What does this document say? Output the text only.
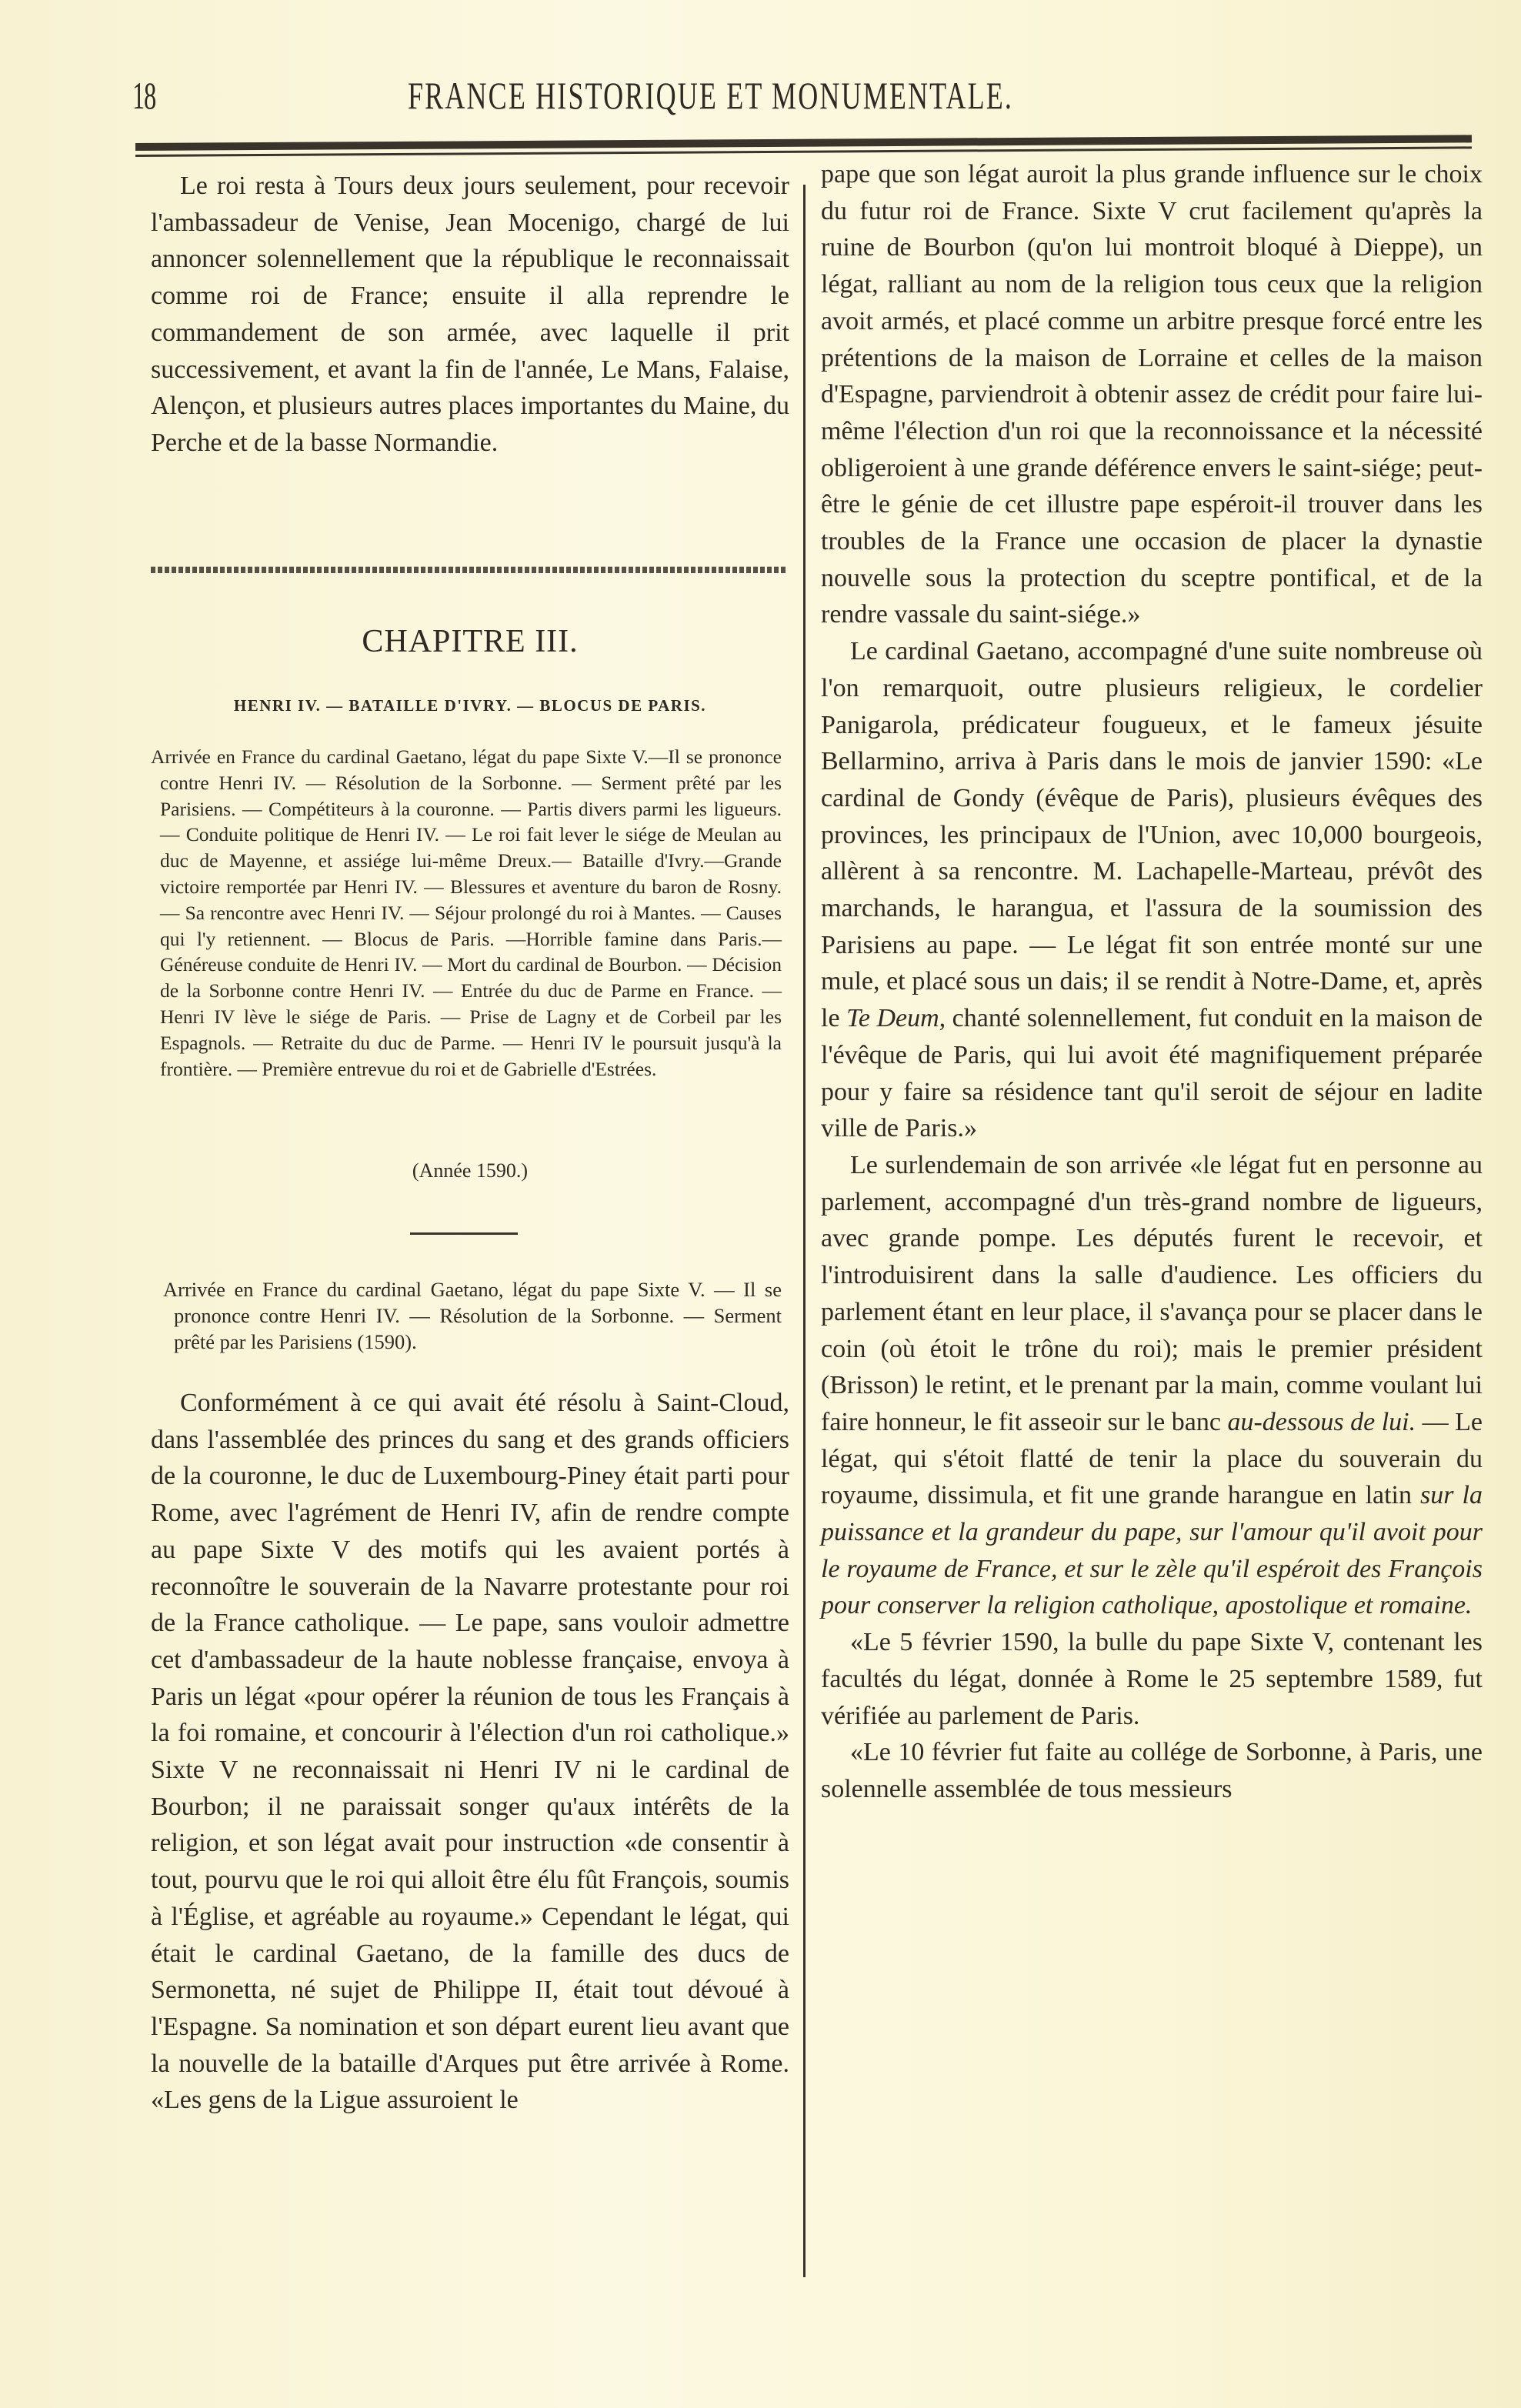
18	FRANCE HISTORIQUE ET MONUMENTALE.

Le roi resta à Tours deux jours seulement, pour recevoir l'ambassadeur de Venise, Jean Mocenigo, chargé de lui annoncer solennellement que la république le reconnaissait comme roi de France; ensuite il alla reprendre le commandement de son armée, avec laquelle il prit successivement, et avant la fin de l'année, Le Mans, Falaise, Alençon, et plusieurs autres places importantes du Maine, du Perche et de la basse Normandie.

CHAPITRE III.
HENRI IV. — BATAILLE D'IVRY. — BLOCUS DE PARIS.

Arrivée en France du cardinal Gaetano, légat du pape Sixte V.—Il se prononce contre Henri IV. — Résolution de la Sorbonne. — Serment prêté par les Parisiens. — Compétiteurs à la couronne. — Partis divers parmi les ligueurs. — Conduite politique de Henri IV. — Le roi fait lever le siége de Meulan au duc de Mayenne, et assiége lui-même Dreux.— Bataille d'Ivry.—Grande victoire remportée par Henri IV. — Blessures et aventure du baron de Rosny. — Sa rencontre avec Henri IV. — Séjour prolongé du roi à Mantes. — Causes qui l'y retiennent. — Blocus de Paris. —Horrible famine dans Paris.— Généreuse conduite de Henri IV. — Mort du cardinal de Bourbon. — Décision de la Sorbonne contre Henri IV. — Entrée du duc de Parme en France. — Henri IV lève le siége de Paris. — Prise de Lagny et de Corbeil par les Espagnols. — Retraite du duc de Parme. — Henri IV le poursuit jusqu'à la frontière. — Première entrevue du roi et de Gabrielle d'Estrées.

(Année 1590.)

Arrivée en France du cardinal Gaetano, légat du pape Sixte V. — Il se prononce contre Henri IV. — Résolution de la Sorbonne. — Serment prêté par les Parisiens (1590).

Conformément à ce qui avait été résolu à Saint-Cloud, dans l'assemblée des princes du sang et des grands officiers de la couronne, le duc de Luxembourg-Piney était parti pour Rome, avec l'agrément de Henri IV, afin de rendre compte au pape Sixte V des motifs qui les avaient portés à reconnoître le souverain de la Navarre protestante pour roi de la France catholique. — Le pape, sans vouloir admettre cet d'ambassadeur de la haute noblesse française, envoya à Paris un légat «pour opérer la réunion de tous les Français à la foi romaine, et concourir à l'élection d'un roi catholique.» Sixte V ne reconnaissait ni Henri IV ni le cardinal de Bourbon; il ne paraissait songer qu'aux intérêts de la religion, et son légat avait pour instruction «de consentir à tout, pourvu que le roi qui alloit être élu fût François, soumis à l'Église, et agréable au royaume.» Cependant le légat, qui était le cardinal Gaetano, de la famille des ducs de Sermonetta, né sujet de Philippe II, était tout dévoué à l'Espagne. Sa nomination et son départ eurent lieu avant que la nouvelle de la bataille d'Arques put être arrivée à Rome. «Les gens de la Ligue assuroient le

pape que son légat auroit la plus grande influence sur le choix du futur roi de France. Sixte V crut facilement qu'après la ruine de Bourbon (qu'on lui montroit bloqué à Dieppe), un légat, ralliant au nom de la religion tous ceux que la religion avoit armés, et placé comme un arbitre presque forcé entre les prétentions de la maison de Lorraine et celles de la maison d'Espagne, parviendroit à obtenir assez de crédit pour faire lui-même l'élection d'un roi que la reconnoissance et la nécessité obligeroient à une grande déférence envers le saint-siége; peut-être le génie de cet illustre pape espéroit-il trouver dans les troubles de la France une occasion de placer la dynastie nouvelle sous la protection du sceptre pontifical, et de la rendre vassale du saint-siége.»

Le cardinal Gaetano, accompagné d'une suite nombreuse où l'on remarquoit, outre plusieurs religieux, le cordelier Panigarola, prédicateur fougueux, et le fameux jésuite Bellarmino, arriva à Paris dans le mois de janvier 1590: «Le cardinal de Gondy (évêque de Paris), plusieurs évêques des provinces, les principaux de l'Union, avec 10,000 bourgeois, allèrent à sa rencontre. M. Lachapelle-Marteau, prévôt des marchands, le harangua, et l'assura de la soumission des Parisiens au pape. — Le légat fit son entrée monté sur une mule, et placé sous un dais; il se rendit à Notre-Dame, et, après le Te Deum, chanté solennellement, fut conduit en la maison de l'évêque de Paris, qui lui avoit été magnifiquement préparée pour y faire sa résidence tant qu'il seroit de séjour en ladite ville de Paris.»

Le surlendemain de son arrivée «le légat fut en personne au parlement, accompagné d'un très-grand nombre de ligueurs, avec grande pompe. Les députés furent le recevoir, et l'introduisirent dans la salle d'audience. Les officiers du parlement étant en leur place, il s'avança pour se placer dans le coin (où étoit le trône du roi); mais le premier président (Brisson) le retint, et le prenant par la main, comme voulant lui faire honneur, le fit asseoir sur le banc au-dessous de lui. — Le légat, qui s'étoit flatté de tenir la place du souverain du royaume, dissimula, et fit une grande harangue en latin sur la puissance et la grandeur du pape, sur l'amour qu'il avoit pour le royaume de France, et sur le zèle qu'il espéroit des François pour conserver la religion catholique, apostolique et romaine.

«Le 5 février 1590, la bulle du pape Sixte V, contenant les facultés du légat, donnée à Rome le 25 septembre 1589, fut vérifiée au parlement de Paris.

«Le 10 février fut faite au collége de Sorbonne, à Paris, une solennelle assemblée de tous messieurs
